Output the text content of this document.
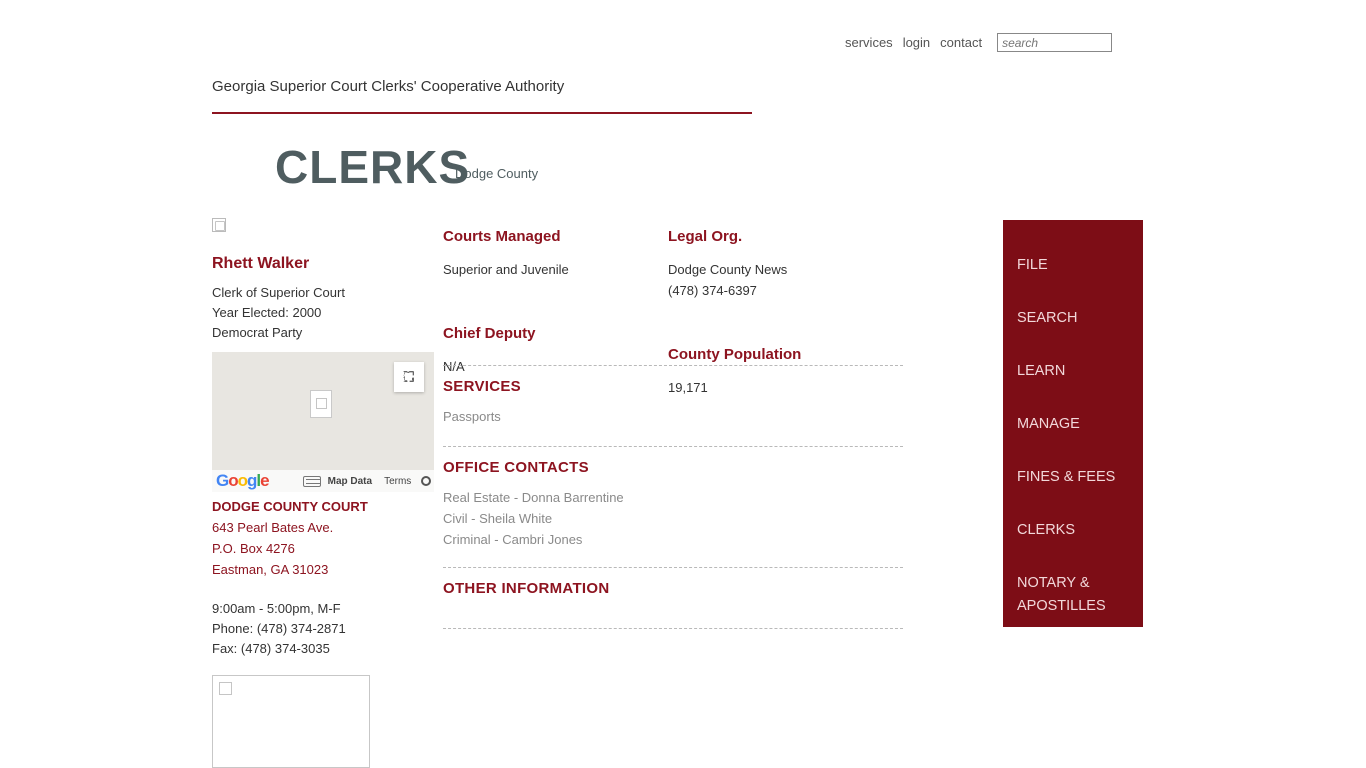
services login contact
search
Georgia Superior Court Clerks' Cooperative Authority
CLERKS
Dodge County
Rhett Walker
Clerk of Superior Court
Year Elected: 2000
Democrat Party
Google	Map Data Terms
DODGE COUNTY COURT
643 Pearl Bates Ave.
P.O. Box 4276
Eastman, GA 31023
9:00am - 5:00pm, M-F
Phone: (478) 374-2871
Fax: (478) 374-3035
Courts Managed
Superior and Juvenile
Chief Deputy
N/A
Legal Org.
Dodge County News
(478) 374-6397
County Population
19,171
SERVICES
Passports
OFFICE CONTACTS
Real Estate - Donna Barrentine
Civil - Sheila White
Criminal - Cambri Jones
OTHER INFORMATION
FILE
SEARCH
LEARN
MANAGE
FINES & FEES
CLERKS
NOTARY & APOSTILLES
